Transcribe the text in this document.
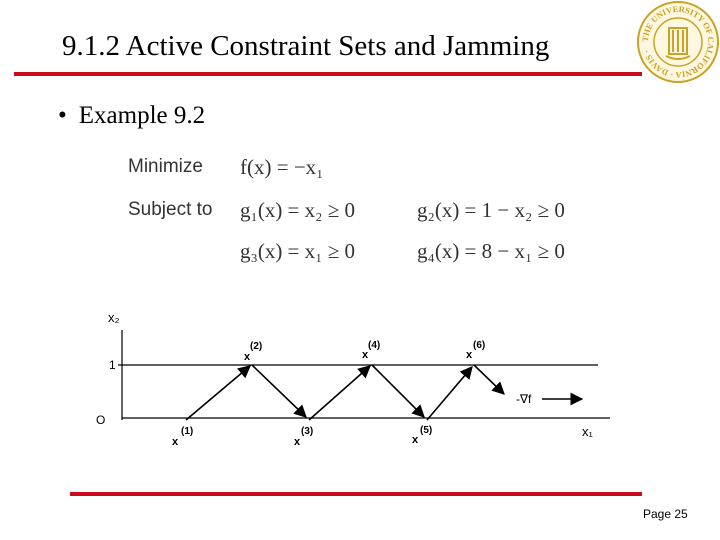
9.1.2 Active Constraint Sets and Jamming	THE UNIVERSITY OF CALIFORNIA · DAVIS ·
• Example 9.2
Minimize f(x) = −x₁
Subject to g₁(x) = x₂ ≥ 0	g₂(x) = 1 − x₂ ≥ 0
g₃(x) = x₁ ≥ 0	g₄(x) = 8 − x₁ ≥ 0
x₂
x₁
1
O
-∇f
x
(1)
x
(2)
x
(3)
x
(4)
x
(5)
x
(6)
Page 25
